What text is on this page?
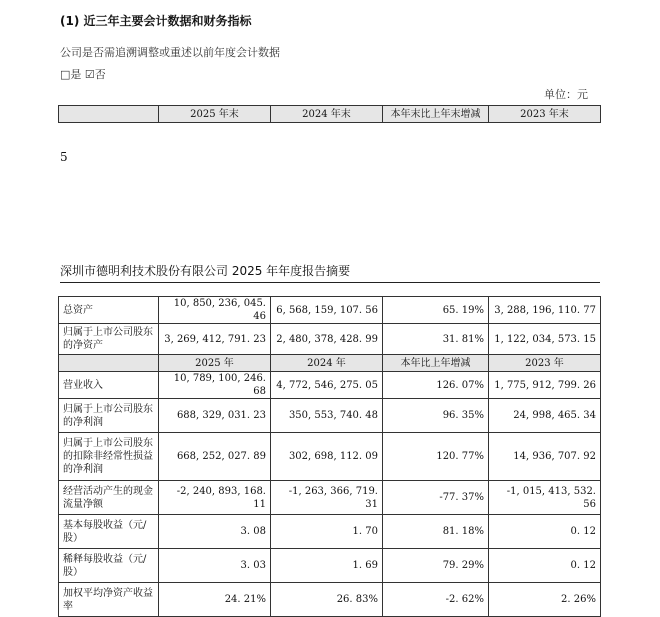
(1) 近三年主要会计数据和财务指标
公司是否需追溯调整或重述以前年度会计数据
□是 ☑否
单位：元
	2025 年末	2024 年末	本年末比上年末增减	2023 年末
5
深圳市德明利技术股份有限公司 2025 年年度报告摘要
总资产	10, 850, 236, 045. 46	6, 568, 159, 107. 56	65. 19%	3, 288, 196, 110. 77
归属于上市公司股东的净资产	3, 269, 412, 791. 23	2, 480, 378, 428. 99	31. 81%	1, 122, 034, 573. 15
	2025 年	2024 年	本年比上年增减	2023 年
营业收入	10, 789, 100, 246. 68	4, 772, 546, 275. 05	126. 07%	1, 775, 912, 799. 26
归属于上市公司股东的净利润	688, 329, 031. 23	350, 553, 740. 48	96. 35%	24, 998, 465. 34
归属于上市公司股东的扣除非经常性损益的净利润	668, 252, 027. 89	302, 698, 112. 09	120. 77%	14, 936, 707. 92
经营活动产生的现金流量净额	-2, 240, 893, 168. 11	-1, 263, 366, 719. 31	-77. 37%	-1, 015, 413, 532. 56
基本每股收益（元/股）	3. 08	1. 70	81. 18%	0. 12
稀释每股收益（元/股）	3. 03	1. 69	79. 29%	0. 12
加权平均净资产收益率	24. 21%	26. 83%	-2. 62%	2. 26%
